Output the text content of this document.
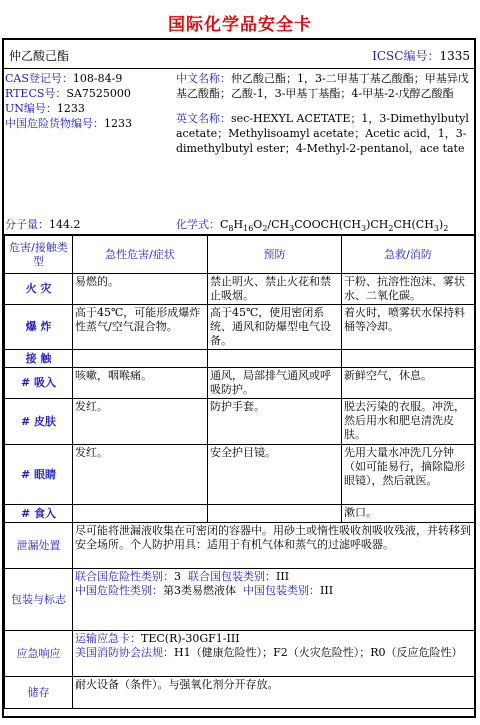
国际化学品安全卡
仲乙酸己酯	ICSC编号：1335
CAS登记号：108-84-9
RTECS号：SA7525000
UN编号：1233
中国危险货物编号：1233
中文名称：仲乙酸己酯；1，3-二甲基丁基乙酸酯；甲基异戊基乙酸酯；乙酸-1，3-甲基丁基酯；4-甲基-2-戊醇乙酸酯
英文名称：sec-HEXYL ACETATE；1，3-Dimethylbutyl acetate；Methylisoamyl acetate；Acetic acid，1，3-dimethylbutyl ester；4-Methyl-2-pentanol，ace tate
分子量：144.2	化学式：$C_8H_{16}O_2/CH_3COOCH(CH_3)CH_2CH(CH_3)_2$
危害/接触类型	急性危害/症状	预防	急救/消防
火 灾	易燃的。	禁止明火、禁止火花和禁止吸烟。	干粉、抗溶性泡沫、雾状水、二氧化碳。
爆 炸	高于45℃，可能形成爆炸性蒸气/空气混合物。	高于45℃，使用密闭系统、通风和防爆型电气设备。	着火时，喷雾状水保持料桶等冷却。
接 触			
# 吸入	咳嗽，咽喉痛。	通风，局部排气通风或呼吸防护。	新鲜空气，休息。
# 皮肤	发红。	防护手套。	脱去污染的衣服。冲洗，然后用水和肥皂清洗皮肤。
# 眼睛	发红。	安全护目镜。	先用大量水冲洗几分钟（如可能易行，摘除隐形眼镜），然后就医。
# 食入			漱口。
泄漏处置	尽可能将泄漏液收集在可密闭的容器中。用砂土或惰性吸收剂吸收残液，并转移到安全场所。个人防护用具：适用于有机气体和蒸气的过滤呼吸器。		
包装与标志	联合国危险性类别：3 联合国包装类别：III
中国危险性类别：第3类易燃液体 中国包装类别：III		

应急响应	运输应急卡：TEC(R)-30GF1-III
美国消防协会法规：H1（健康危险性）；F2（火灾危险性）；R0（反应危险性）		

储存	耐火设备（条件）。与强氧化剂分开存放。		
